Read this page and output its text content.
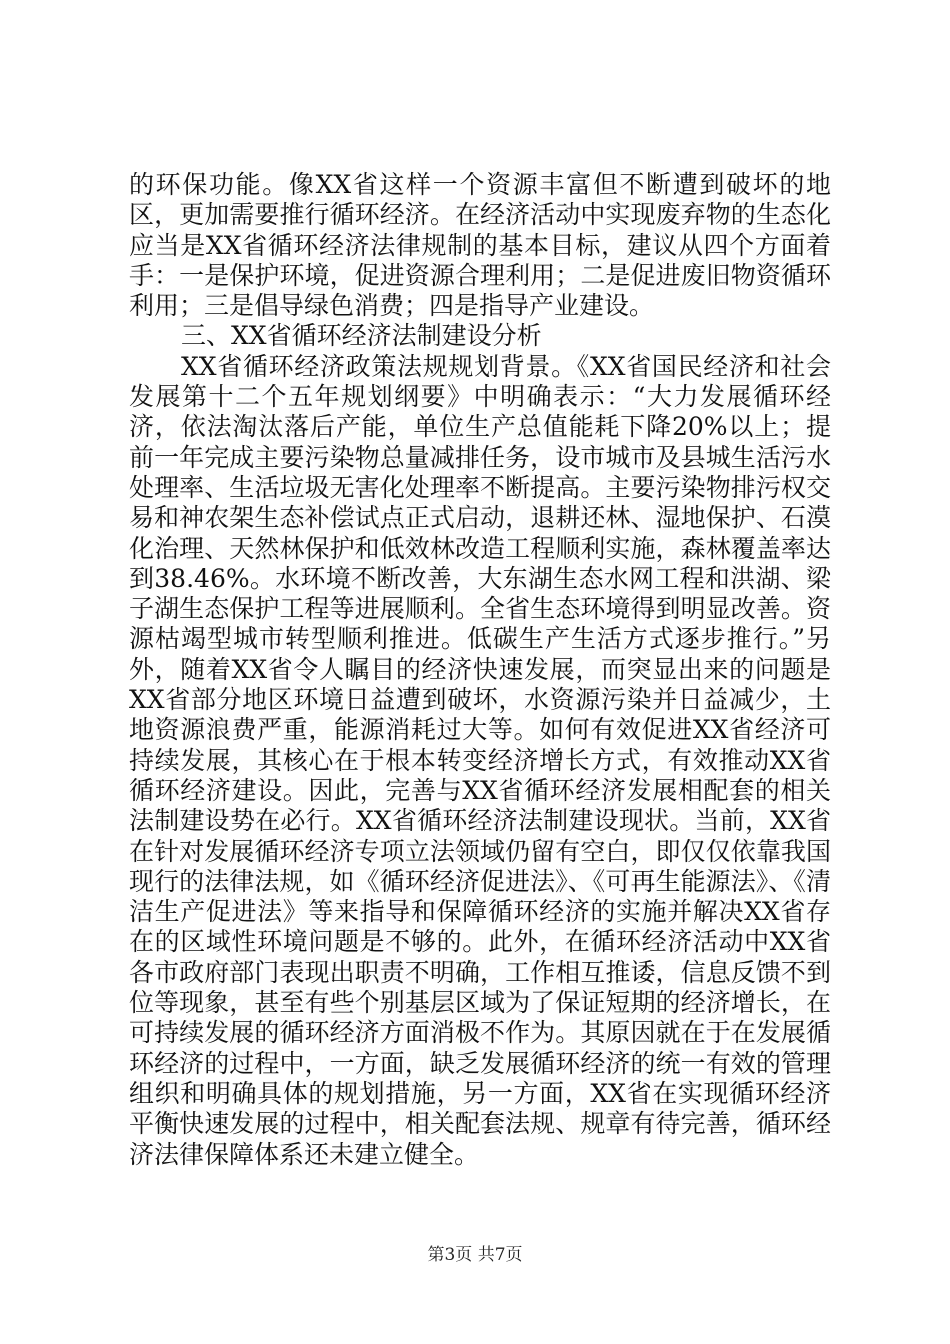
的环保功能。像XX省这样一个资源丰富但不断遭到破坏的地区，更加需要推行循环经济。在经济活动中实现废弃物的生态化应当是XX省循环经济法律规制的基本目标，建议从四个方面着手：一是保护环境，促进资源合理利用；二是促进废旧物资循环利用；三是倡导绿色消费；四是指导产业建设。

三、XX省循环经济法制建设分析

XX省循环经济政策法规规划背景。《XX省国民经济和社会发展第十二个五年规划纲要》中明确表示：“大力发展循环经济，依法淘汰落后产能，单位生产总值能耗下降20%以上；提前一年完成主要污染物总量减排任务，设市城市及县城生活污水处理率、生活垃圾无害化处理率不断提高。主要污染物排污权交易和神农架生态补偿试点正式启动，退耕还林、湿地保护、石漠化治理、天然林保护和低效林改造工程顺利实施，森林覆盖率达到38.46%。水环境不断改善，大东湖生态水网工程和洪湖、梁子湖生态保护工程等进展顺利。全省生态环境得到明显改善。资源枯竭型城市转型顺利推进。低碳生产生活方式逐步推行。”另外，随着XX省令人瞩目的经济快速发展，而突显出来的问题是XX省部分地区环境日益遭到破坏，水资源污染并日益减少，土地资源浪费严重，能源消耗过大等。如何有效促进XX省经济可持续发展，其核心在于根本转变经济增长方式，有效推动XX省循环经济建设。因此，完善与XX省循环经济发展相配套的相关法制建设势在必行。XX省循环经济法制建设现状。当前，XX省在针对发展循环经济专项立法领域仍留有空白，即仅仅依靠我国现行的法律法规，如《循环经济促进法》、《可再生能源法》、《清洁生产促进法》等来指导和保障循环经济的实施并解决XX省存在的区域性环境问题是不够的。此外，在循环经济活动中XX省各市政府部门表现出职责不明确，工作相互推诿，信息反馈不到位等现象，甚至有些个别基层区域为了保证短期的经济增长，在可持续发展的循环经济方面消极不作为。其原因就在于在发展循环经济的过程中，一方面，缺乏发展循环经济的统一有效的管理组织和明确具体的规划措施，另一方面，XX省在实现循环经济平衡快速发展的过程中，相关配套法规、规章有待完善，循环经济法律保障体系还未建立健全。

第3页 共7页
